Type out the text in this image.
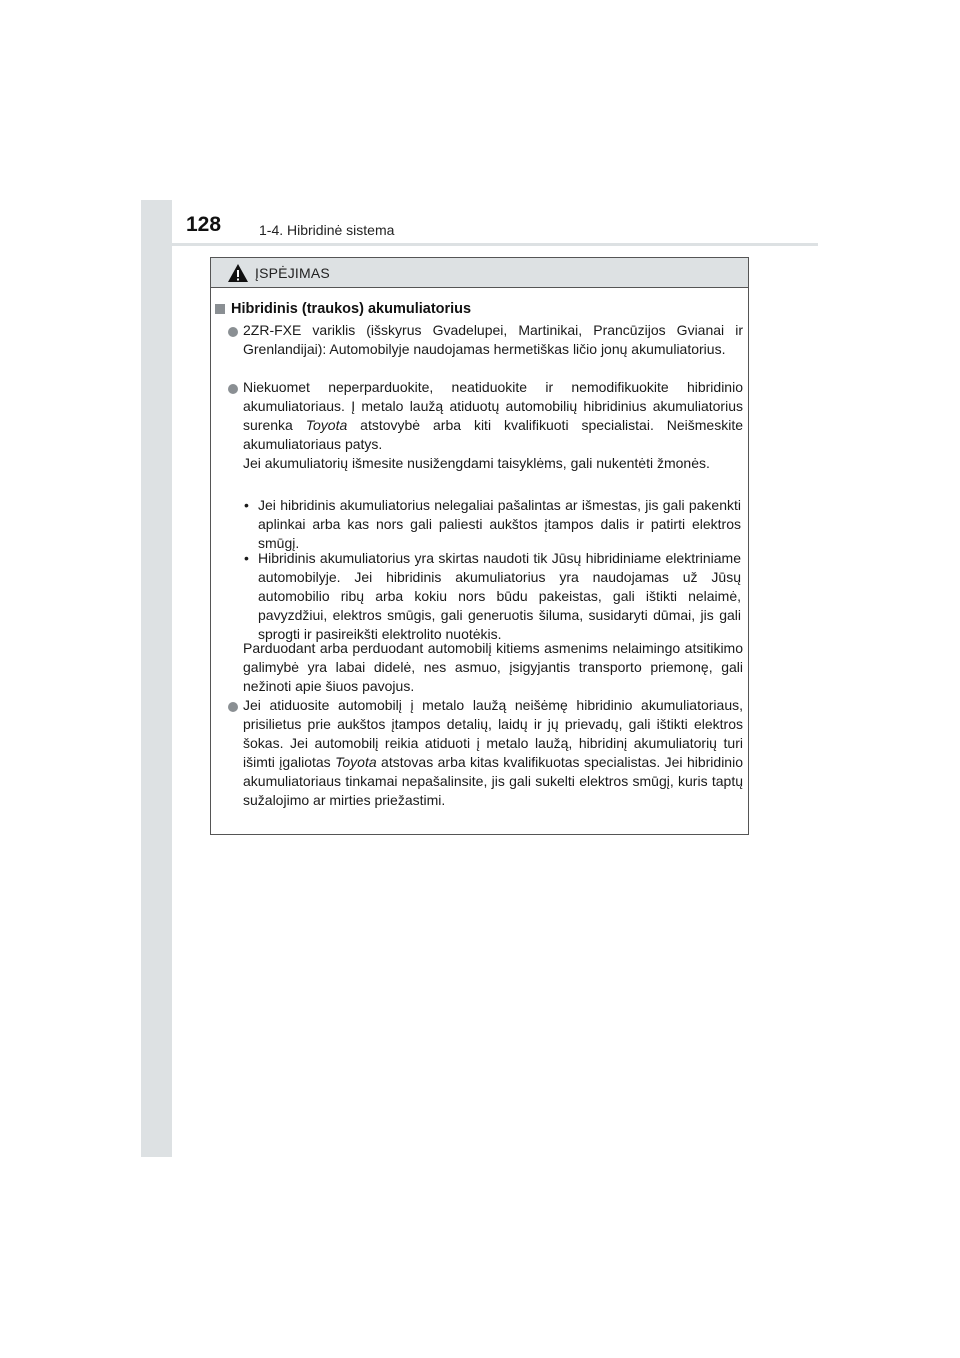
128	1-4. Hibridinė sistema
ĮSPĖJIMAS
Hibridinis (traukos) akumuliatorius
2ZR-FXE variklis (išskyrus Gvadelupei, Martinikai, Prancūzijos Gvianai ir Grenlandijai): Automobilyje naudojamas hermetiškas ličio jonų akumuliatorius.
Niekuomet neperparduokite, neatiduokite ir nemodifikuokite hibridinio akumuliatoriaus. Į metalo laužą atiduotų automobilių hibridinius akumuliatorius surenka Toyota atstovybė arba kiti kvalifikuoti specialistai. Neišmeskite akumuliatoriaus patys.
Jei akumuliatorių išmesite nusižengdami taisyklėms, gali nukentėti žmonės.
• Jei hibridinis akumuliatorius nelegaliai pašalintas ar išmestas, jis gali pakenkti aplinkai arba kas nors gali paliesti aukštos įtampos dalis ir patirti elektros smūgį.
• Hibridinis akumuliatorius yra skirtas naudoti tik Jūsų hibridiniame elektriniame automobilyje. Jei hibridinis akumuliatorius yra naudojamas už Jūsų automobilio ribų arba kokiu nors būdu pakeistas, gali ištikti nelaimė, pavyzdžiui, elektros smūgis, gali generuotis šiluma, susidaryti dūmai, jis gali sprogti ir pasireikšti elektrolito nuotėkis.
Parduodant arba perduodant automobilį kitiems asmenims nelaimingo atsitikimo galimybė yra labai didelė, nes asmuo, įsigyjantis transporto priemonę, gali nežinoti apie šiuos pavojus.
Jei atiduosite automobilį į metalo laužą neišėmę hibridinio akumuliatoriaus, prisilietus prie aukštos įtampos detalių, laidų ir jų prievadų, gali ištikti elektros šokas. Jei automobilį reikia atiduoti į metalo laužą, hibridinį akumuliatorių turi išimti įgaliotas Toyota atstovas arba kitas kvalifikuotas specialistas. Jei hibridinio akumuliatoriaus tinkamai nepašalinsite, jis gali sukelti elektros smūgį, kuris taptų sužalojimo ar mirties priežastimi.
